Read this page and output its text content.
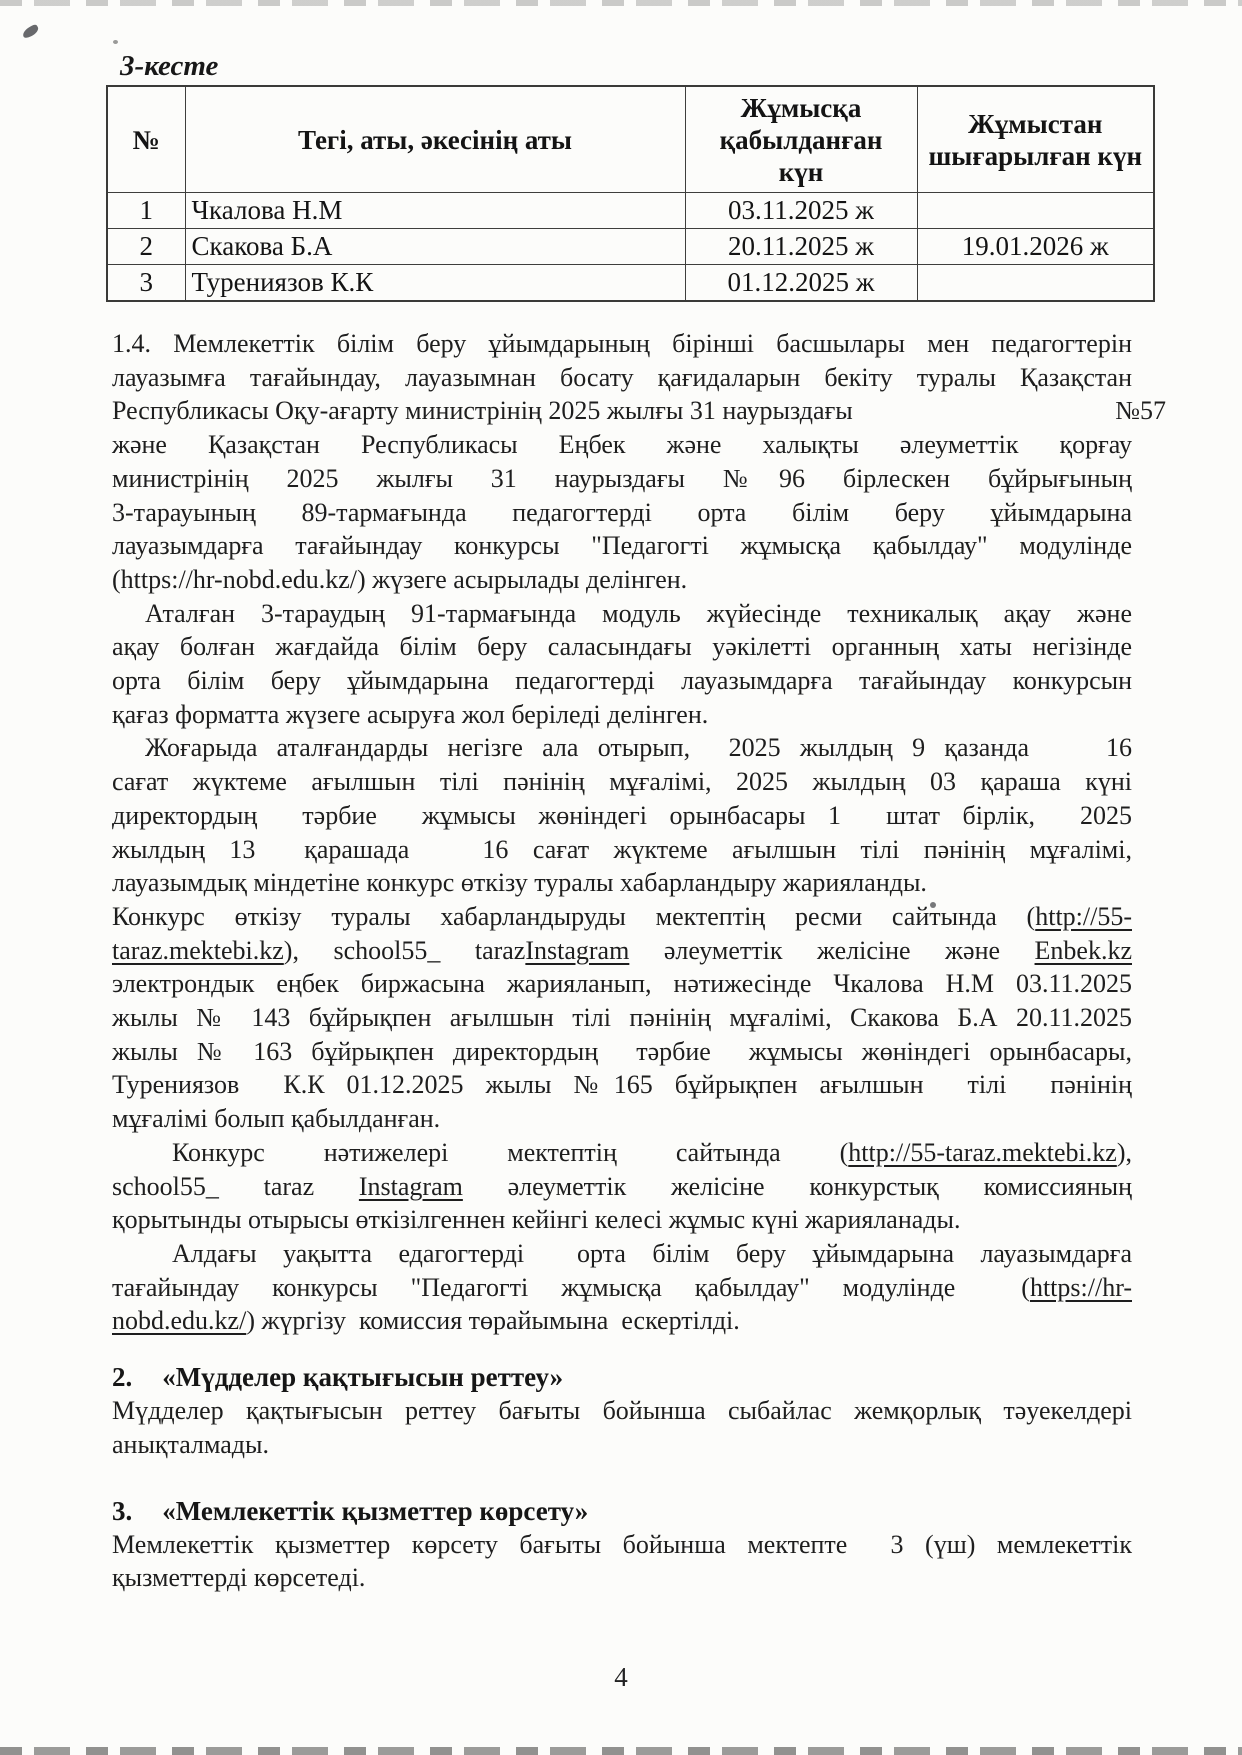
3-кесте
№	Тегі, аты, әкесінің аты	Жұмысқа қабылданған күн	Жұмыстан шығарылған күн
1	Чкалова Н.М	03.11.2025 ж	
2	Скакова Б.А	20.11.2025 ж	19.01.2026 ж
3	Турениязов К.К	01.12.2025 ж	
1.4. Мемлекеттік білім беру ұйымдарының бірінші басшылары мен педагогтерін
лауазымға тағайындау, лауазымнан босату қағидаларын бекіту туралы Қазақстан
№57
Республикасы Оқу-ағарту министрінің 2025 жылғы 31 наурыздағы
және Қазақстан Республикасы Еңбек және халықты әлеуметтік қорғау
министрінің 2025 жылғы 31 наурыздағы №96 бірлескен бұйрығының
3-тарауының 89-тармағында педагогтерді орта білім беру ұйымдарына
лауазымдарға тағайындау конкурсы "Педагогті жұмысқа қабылдау" модулінде
(https://hr-nobd.edu.kz/) жүзеге асырылады делінген.
Аталған 3-тараудың 91-тармағында модуль жүйесінде техникалық ақау және
ақау болған жағдайда білім беру саласындағы уәкілетті органның хаты негізінде
орта білім беру ұйымдарына педагогтерді лауазымдарға тағайындау конкурсын
қағаз форматта жүзеге асыруға жол беріледі делінген.
Жоғарыда аталғандарды негізге ала отырып,  2025 жылдың 9 қазанда    16
сағат жүктеме ағылшын тілі пәнінің мұғалімі, 2025 жылдың 03 қараша күні
директордың  тәрбие  жұмысы жөніндегі орынбасары 1  штат бірлік,  2025
жылдың 13  қарашада   16 сағат жүктеме ағылшын тілі пәнінің мұғалімі,
лауазымдық міндетіне конкурс өткізу туралы хабарландыру жарияланды.
Конкурс өткізу туралы хабарландыруды мектептің ресми сайтында (http://55-
taraz.mektebi.kz), school55_ tarazInstagram әлеуметтік желісіне және Enbek.kz
электрондык еңбек биржасына жарияланып, нәтижесінде Чкалова Н.М 03.11.2025
жылы № 143 бұйрықпен ағылшын тілі пәнінің мұғалімі, Скакова Б.А 20.11.2025
жылы № 163 бұйрықпен директордың  тәрбие  жұмысы жөніндегі орынбасары,
Турениязов  К.К 01.12.2025 жылы №165 бұйрықпен ағылшын  тілі  пәнінің
мұғалімі болып қабылданған.
Конкурс нәтижелері мектептің сайтында (http://55-taraz.mektebi.kz),
school55_ taraz Instagram әлеуметтік желісіне конкурстық комиссияның
қорытынды отырысы өткізілгеннен кейінгі келесі жұмыс күні жарияланады.
Алдағы уақытта едагогтерді  орта білім беру ұйымдарына лауазымдарға
тағайындау конкурсы "Педагогті жұмысқа қабылдау" модулінде  (https://hr-
nobd.edu.kz/) жүргізу  комиссия төрайымына  ескертілді.
2. «Мүдделер қақтығысын реттеу»
Мүдделер қақтығысын реттеу бағыты бойынша сыбайлас жемқорлық тәуекелдері
анықталмады.
3. «Мемлекеттік қызметтер көрсету»
Мемлекеттік қызметтер көрсету бағыты бойынша мектепте  3 (үш) мемлекеттік
қызметтерді көрсетеді.
4
